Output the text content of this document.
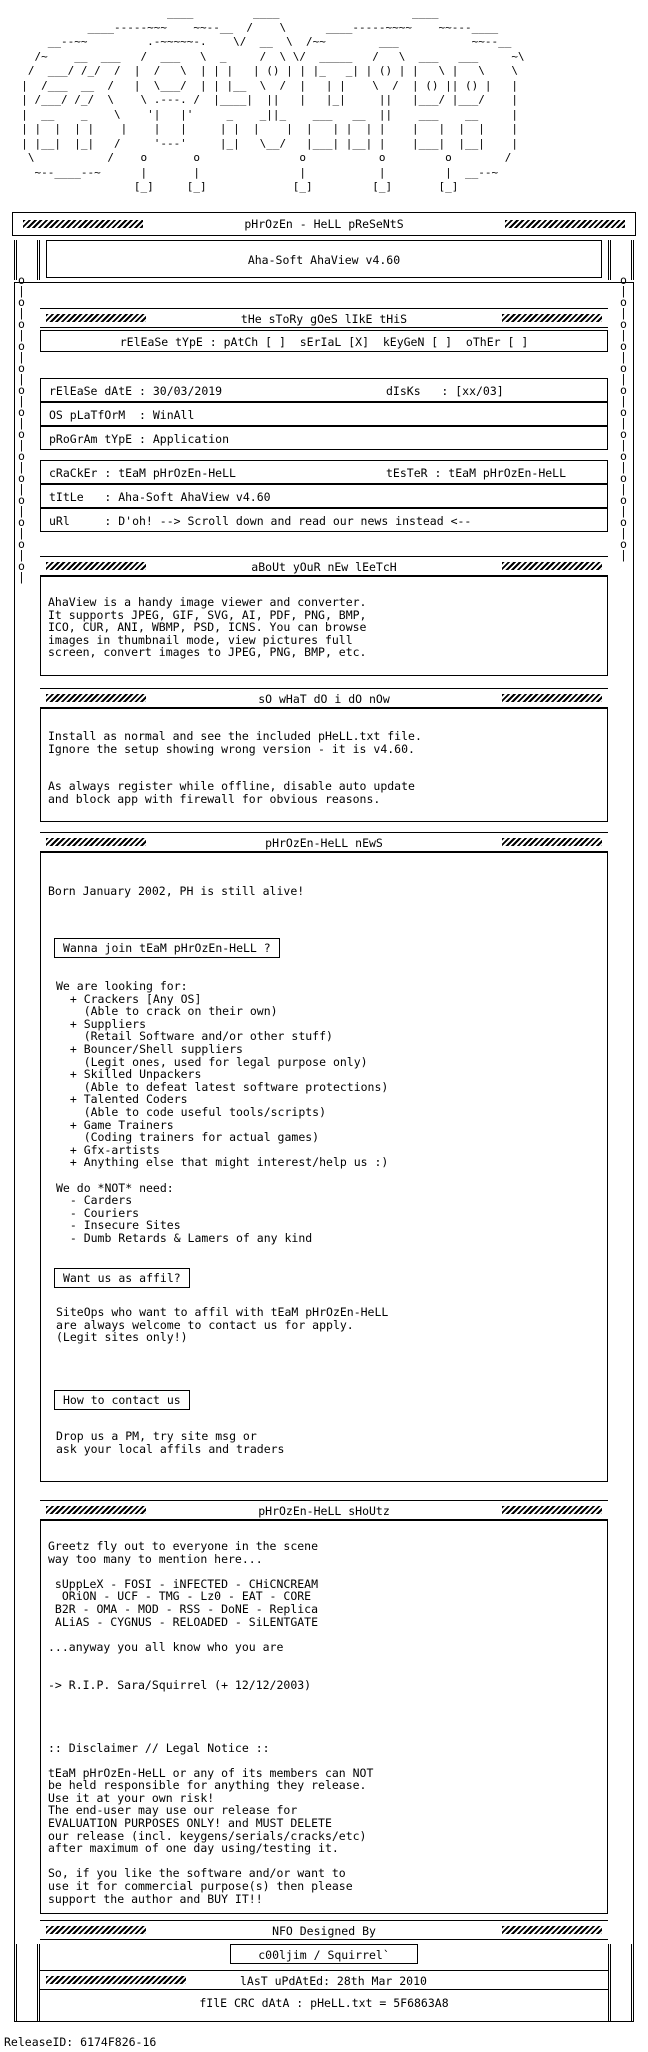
____         ____                    ____
____-----~~~    ~~--__  /    \      ____-----~~~~    ~~---____
__--~~         .-~~~~~-.    \/  __  \  /~~        ___           ~~--__
/~    __  ___   /  ___   \  _     /  \ \/  _____   /   \  ___   ___     ~\
/  ___/ /_/  /  |  /   \  | | |   | () | | |_   _| | () | |   \ |   \    \
|  /___  __  /   |  \___/  | | |__  \  /  |   | |    \  /  | () || () |   |
| /___/ /_/  \    \ .---. /  |____|  ||   |   |_|     ||   |___/ |___/    |
|  __    _    \    '|   |'     _    _||_    ___   __  ||    ___    __     |
| |  |  | |    |    |   |     | |  |    |  |   | |  | |    |   |  |  |    |
| |__|  |_|   /     '---'     |_|   \__/   |___| |__| |    |___|  |__|    |
\           /    o       o               o           o         o        /
~--____--~      |       |               |           |         |  __--~
[_]     [_]             [_]         [_]       [_]
pHrOzEn - HeLL pReSeNtS
Aha-Soft AhaView v4.60
o
|
o
|
o
|
o
|
o
|
o
|
o
|
o
|
o
|
o
|
o
|
o
|
o
|
o
|
o
|
o
|
o
|
o
|
o
|
o
|
o
|
o
|
o
|
o
|
o
|
o
|
o
|
tHe sToRy gOeS lIkE tHiS
rElEaSe tYpE : pAtCh [ ]  sErIaL [X]  kEyGeN [ ]  oThEr [ ]
rElEaSe dAtE : 30/03/2019	dIsKs   : [xx/03]
OS pLaTfOrM  : WinAll
pRoGrAm tYpE : Application
cRaCkEr : tEaM pHrOzEn-HeLL	tEsTeR : tEaM pHrOzEn-HeLL
tItLe   : Aha-Soft AhaView v4.60
uRl     : D'oh! --> Scroll down and read our news instead <--
aBoUt yOuR nEw lEeTcH
AhaView is a handy image viewer and converter.
It supports JPEG, GIF, SVG, AI, PDF, PNG, BMP,
ICO, CUR, ANI, WBMP, PSD, ICNS. You can browse
images in thumbnail mode, view pictures full
screen, convert images to JPEG, PNG, BMP, etc.
sO wHaT dO i dO nOw
Install as normal and see the included pHeLL.txt file.
Ignore the setup showing wrong version - it is v4.60.

As always register while offline, disable auto update
and block app with firewall for obvious reasons.
pHrOzEn-HeLL nEwS
Born January 2002, PH is still alive!
Wanna join tEaM pHrOzEn-HeLL ?
We are looking for:
+ Crackers [Any OS]
(Able to crack on their own)
+ Suppliers
(Retail Software and/or other stuff)
+ Bouncer/Shell suppliers
(Legit ones, used for legal purpose only)
+ Skilled Unpackers
(Able to defeat latest software protections)
+ Talented Coders
(Able to code useful tools/scripts)
+ Game Trainers
(Coding trainers for actual games)
+ Gfx-artists
+ Anything else that might interest/help us :)

We do *NOT* need:
- Carders
- Couriers
- Insecure Sites
- Dumb Retards & Lamers of any kind
Want us as affil?
SiteOps who want to affil with tEaM pHrOzEn-HeLL
are always welcome to contact us for apply.
(Legit sites only!)
How to contact us
Drop us a PM, try site msg or
ask your local affils and traders
pHrOzEn-HeLL sHoUtz
Greetz fly out to everyone in the scene
way too many to mention here...

sUppLeX - FOSI - iNFECTED - CHiCNCREAM
ORiON - UCF - TMG - Lz0 - EAT - CORE
B2R - OMA - MOD - RSS - DoNE - Replica
ALiAS - CYGNUS - RELOADED - SiLENTGATE

...anyway you all know who you are

-> R.I.P. Sara/Squirrel (+ 12/12/2003)

:: Disclaimer // Legal Notice ::

tEaM pHrOzEn-HeLL or any of its members can NOT
be held responsible for anything they release.
Use it at your own risk!
The end-user may use our release for
EVALUATION PURPOSES ONLY! and MUST DELETE
our release (incl. keygens/serials/cracks/etc)
after maximum of one day using/testing it.

So, if you like the software and/or want to
use it for commercial purpose(s) then please
support the author and BUY IT!!
NFO Designed By
c00ljim / Squirrel`
lAsT uPdAtEd: 28th Mar 2010
fIlE CRC dAtA : pHeLL.txt = 5F6863A8
ReleaseID: 6174F826-16
